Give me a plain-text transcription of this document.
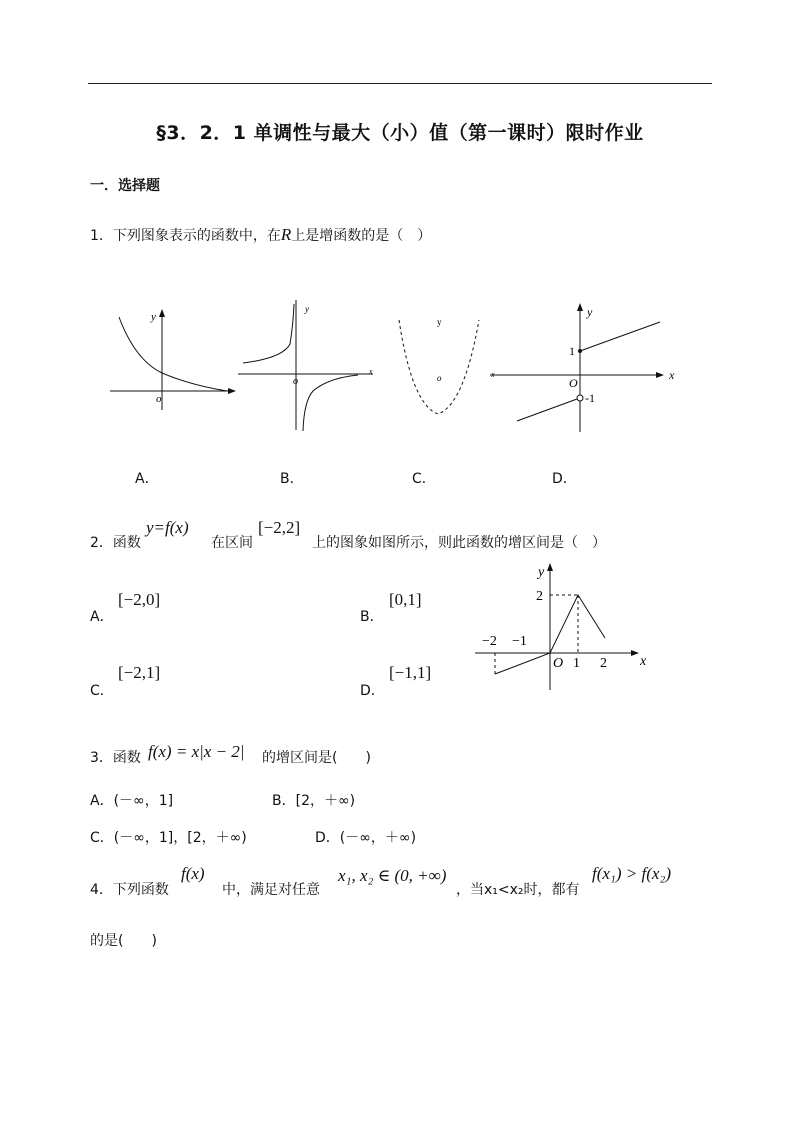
§3．2．1 单调性与最大（小）值（第一课时）限时作业
一．选择题
1．下列图象表示的函数中，在R上是增函数的是（　）
y
o
y
x
o
y
o
y
x
x
O
1
-1
A．	B．	C．	D．
2．函数
y=f(x)
在区间
[−2,2]
上的图象如图所示，则此函数的增区间是（　）
A．
[−2,0]
B．
[0,1]
C．
[−2,1]
D．
[−1,1]
y
x
O
2
−2 −1
1 2
3．函数 f(x) = x|x − 2| 的增区间是(　　)
A．(－∞，1]	B．[2，＋∞)
C．(－∞，1]，[2，＋∞)	D．(－∞，＋∞)
4．下列函数
f(x)
中，满足对任意
x₁, x₂ ∈ (0, +∞)
，当x₁<x₂时，都有
f(x₁) > f(x₂)
的是(　　)
